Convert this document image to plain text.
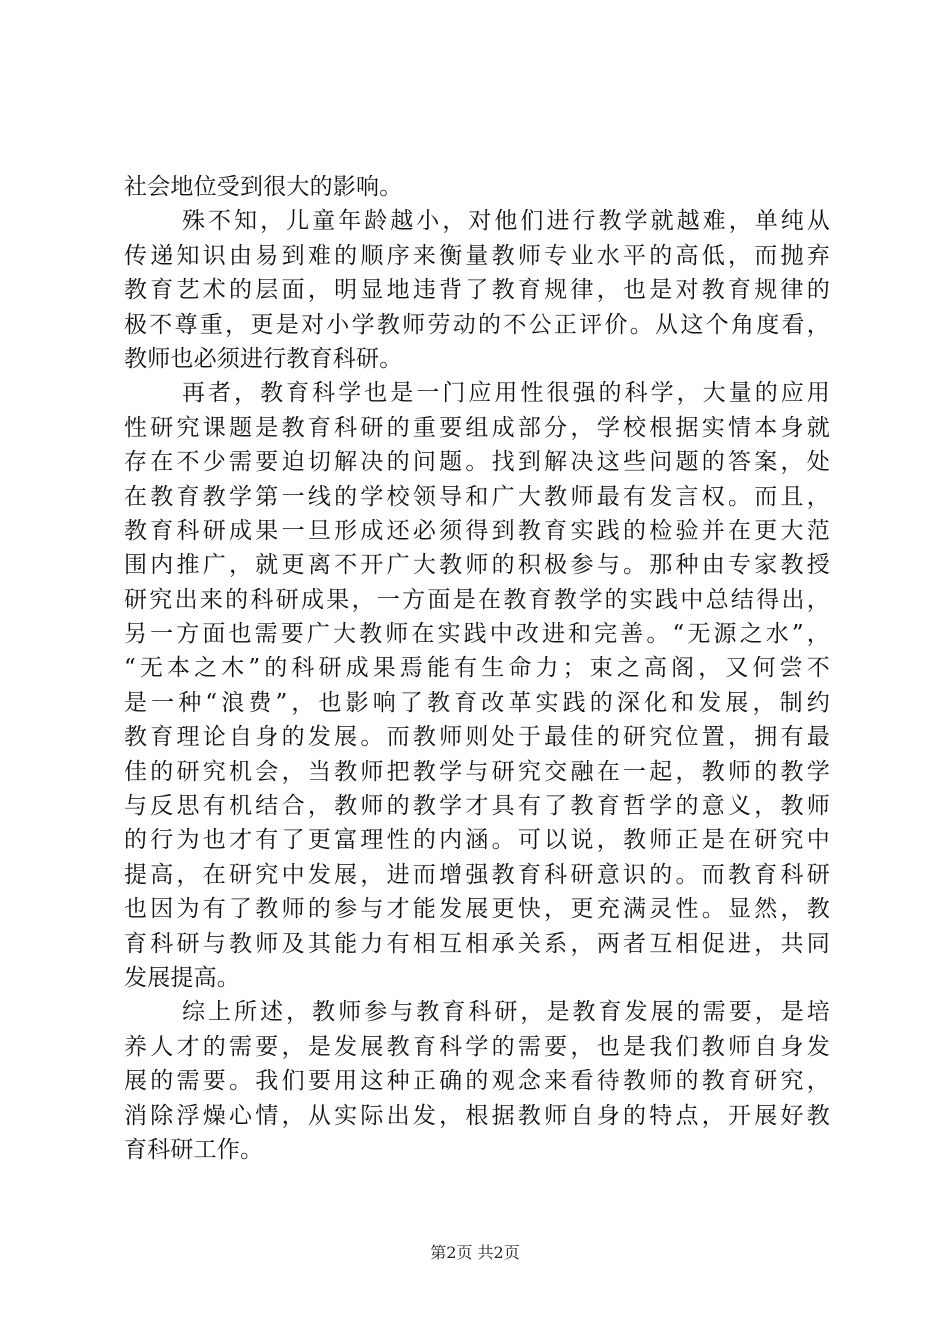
社会地位受到很大的影响。
殊不知，儿童年龄越小，对他们进行教学就越难，单纯从
传递知识由易到难的顺序来衡量教师专业水平的高低，而抛弃
教育艺术的层面，明显地违背了教育规律，也是对教育规律的
极不尊重，更是对小学教师劳动的不公正评价。从这个角度看，
教师也必须进行教育科研。
再者，教育科学也是一门应用性很强的科学，大量的应用
性研究课题是教育科研的重要组成部分，学校根据实情本身就
存在不少需要迫切解决的问题。找到解决这些问题的答案，处
在教育教学第一线的学校领导和广大教师最有发言权。而且，
教育科研成果一旦形成还必须得到教育实践的检验并在更大范
围内推广，就更离不开广大教师的积极参与。那种由专家教授
研究出来的科研成果，一方面是在教育教学的实践中总结得出，
另一方面也需要广大教师在实践中改进和完善。“无源之水”，
“无本之木”的科研成果焉能有生命力；束之高阁，又何尝不
是一种“浪费”，也影响了教育改革实践的深化和发展，制约
教育理论自身的发展。而教师则处于最佳的研究位置，拥有最
佳的研究机会，当教师把教学与研究交融在一起，教师的教学
与反思有机结合，教师的教学才具有了教育哲学的意义，教师
的行为也才有了更富理性的内涵。可以说，教师正是在研究中
提高，在研究中发展，进而增强教育科研意识的。而教育科研
也因为有了教师的参与才能发展更快，更充满灵性。显然，教
育科研与教师及其能力有相互相承关系，两者互相促进，共同
发展提高。
综上所述，教师参与教育科研，是教育发展的需要，是培
养人才的需要，是发展教育科学的需要，也是我们教师自身发
展的需要。我们要用这种正确的观念来看待教师的教育研究，
消除浮燥心情，从实际出发，根据教师自身的特点，开展好教
育科研工作。
第2页 共2页
